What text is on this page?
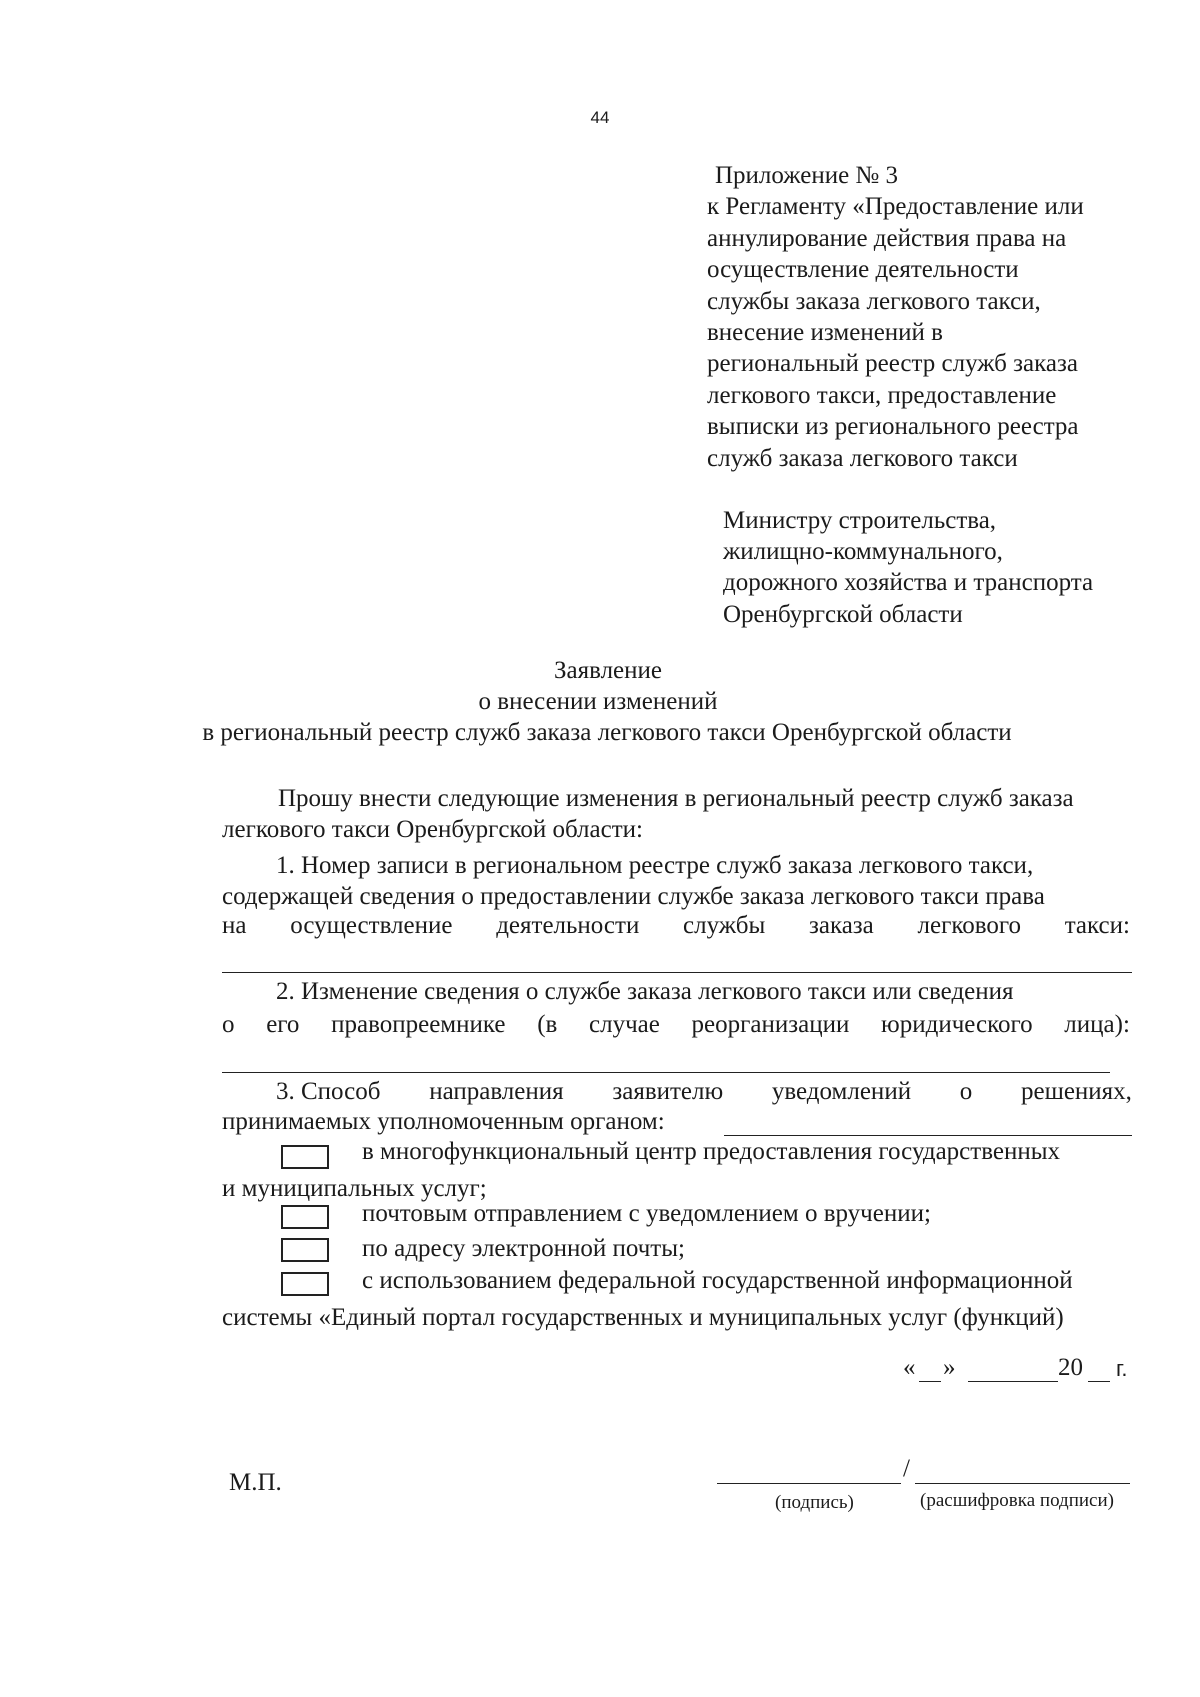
44
Приложение № 3
к Регламенту «Предоставление или
аннулирование действия права на
осуществление деятельности
службы заказа легкового такси,
внесение изменений в
региональный реестр служб заказа
легкового такси, предоставление
выписки из регионального реестра
служб заказа легкового такси
Министру строительства,
жилищно-коммунального,
дорожного хозяйства и транспорта
Оренбургской области
Заявление
о внесении изменений
в региональный реестр служб заказа легкового такси Оренбургской области
Прошу внести следующие изменения в региональный реестр служб заказа
легкового такси Оренбургской области:
1. Номер записи в региональном реестре служб заказа легкового такси,
содержащей сведения о предоставлении службе заказа легкового такси права
на осуществление деятельности службы заказа легкового такси:
2. Изменение сведения о службе заказа легкового такси или сведения
о его правопреемнике (в случае реорганизации юридического лица):
3. Способ направления заявителю уведомлений о решениях,
принимаемых уполномоченным органом:
в многофункциональный центр предоставления государственных
и муниципальных услуг;
почтовым отправлением с уведомлением о вручении;
по адресу электронной почты;
с использованием федеральной государственной информационной
системы «Единый портал государственных и муниципальных услуг (функций)
« »	20 г.
М.П.
/
(подпись)	(расшифровка подписи)
